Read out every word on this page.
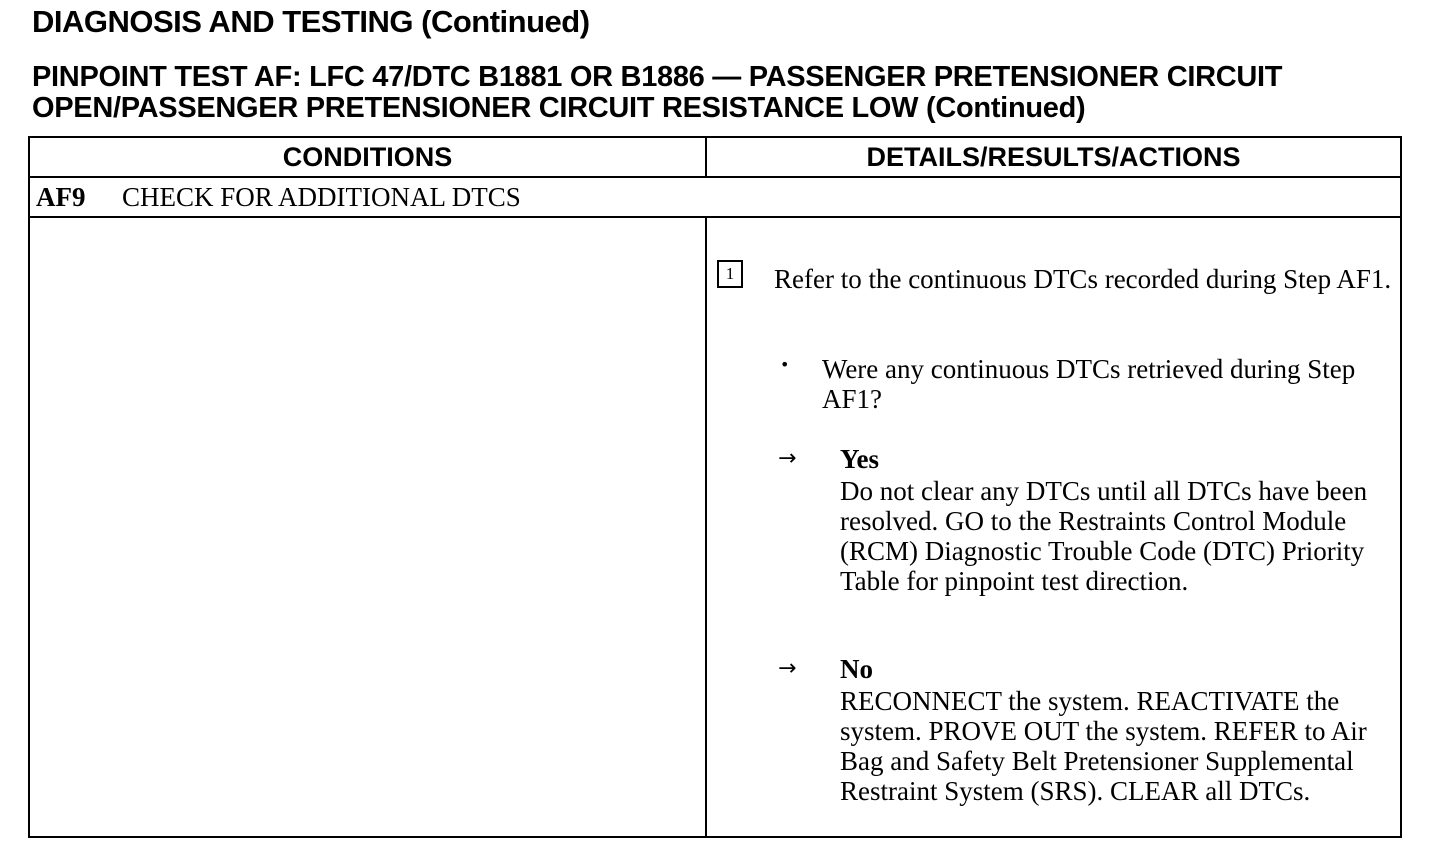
DIAGNOSIS AND TESTING (Continued)
PINPOINT TEST AF: LFC 47/DTC B1881 OR B1886 — PASSENGER PRETENSIONER CIRCUIT
OPEN/PASSENGER PRETENSIONER CIRCUIT RESISTANCE LOW (Continued)
CONDITIONS	DETAILS/RESULTS/ACTIONS
AF9 CHECK FOR ADDITIONAL DTCS
1	Refer to the continuous DTCs recorded during Step AF1.
• Were any continuous DTCs retrieved during Step AF1?
→ Yes
Do not clear any DTCs until all DTCs have been resolved. GO to the Restraints Control Module (RCM) Diagnostic Trouble Code (DTC) Priority Table for pinpoint test direction.
→ No
RECONNECT the system. REACTIVATE the system. PROVE OUT the system. REFER to Air Bag and Safety Belt Pretensioner Supplemental Restraint System (SRS). CLEAR all DTCs.
